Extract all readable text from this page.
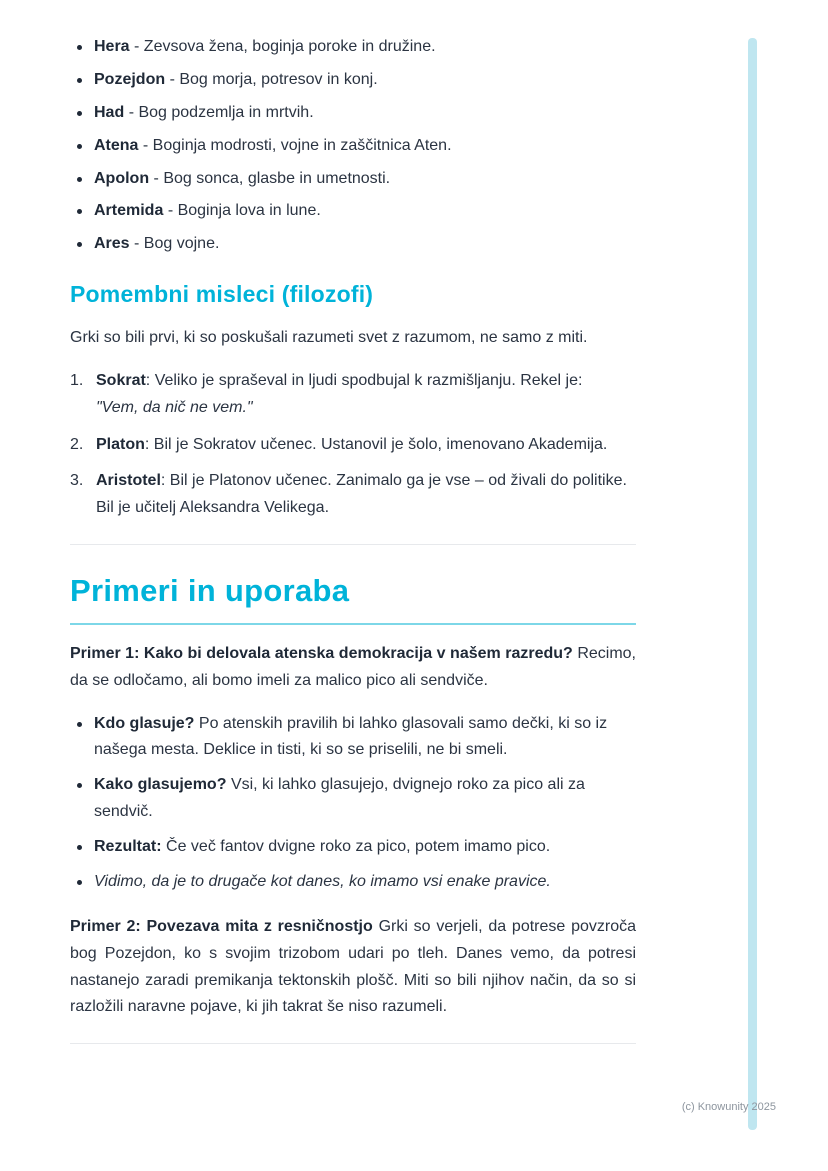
Hera - Zevsova žena, boginja poroke in družine.
Pozejdon - Bog morja, potresov in konj.
Had - Bog podzemlja in mrtvih.
Atena - Boginja modrosti, vojne in zaščitnica Aten.
Apolon - Bog sonca, glasbe in umetnosti.
Artemida - Boginja lova in lune.
Ares - Bog vojne.
Pomembni misleci (filozofi)

Grki so bili prvi, ki so poskušali razumeti svet z razumom, ne samo z miti.

Sokrat: Veliko je spraševal in ljudi spodbujal k razmišljanju. Rekel je:
"Vem, da nič ne vem."
Platon: Bil je Sokratov učenec. Ustanovil je šolo, imenovano Akademija.
Aristotel: Bil je Platonov učenec. Zanimalo ga je vse – od živali do politike. Bil je učitelj Aleksandra Velikega.
Primeri in uporaba

Primer 1: Kako bi delovala atenska demokracija v našem razredu? Recimo, da se odločamo, ali bomo imeli za malico pico ali sendviče.

Kdo glasuje? Po atenskih pravilih bi lahko glasovali samo dečki, ki so iz našega mesta. Deklice in tisti, ki so se priselili, ne bi smeli.
Kako glasujemo? Vsi, ki lahko glasujejo, dvignejo roko za pico ali za sendvič.
Rezultat: Če več fantov dvigne roko za pico, potem imamo pico.
Vidimo, da je to drugače kot danes, ko imamo vsi enake pravice.

Primer 2: Povezava mita z resničnostjo Grki so verjeli, da potrese povzroča bog Pozejdon, ko s svojim trizobom udari po tleh. Danes vemo, da potresi nastanejo zaradi premikanja tektonskih plošč. Miti so bili njihov način, da so si razložili naravne pojave, ki jih takrat še niso razumeli.

(c) Knowunity 2025
